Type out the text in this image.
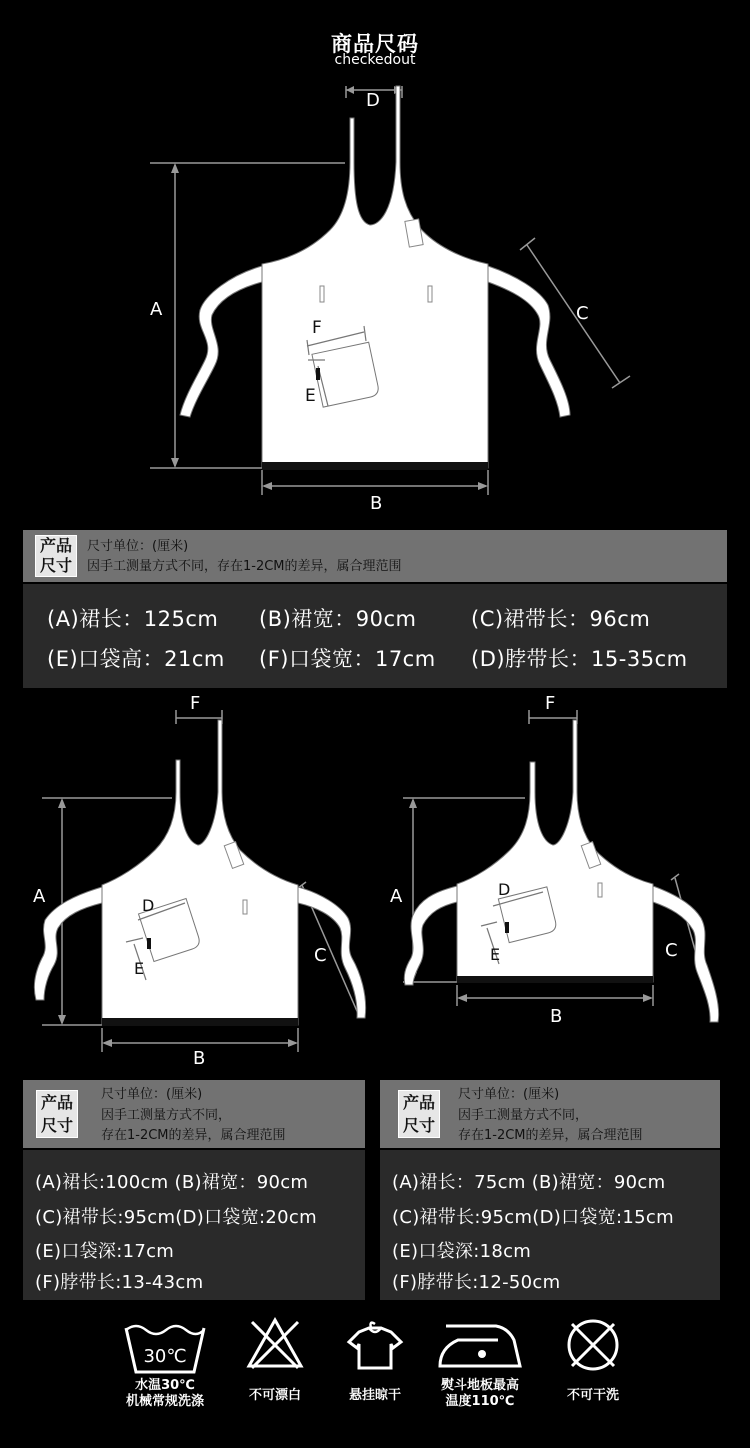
商品尺码
checkedout
D
A
B
C
F
E
产品
尺寸
尺寸单位：(厘米)
因手工测量方式不同，存在1-2CM的差异，属合理范围
(A)裙长：125cm (B)裙宽：90cm	(C)裙带长：96cm
(E)口袋高：21cm (F)口袋宽：17cm (D)脖带长：15-35cm
F
A
B
C
D
E
F
A
B
C
D
E
产品
尺寸
尺寸单位：(厘米)
因手工测量方式不同，
存在1-2CM的差异，属合理范围
(A)裙长:100cm (B)裙宽：90cm
(C)裙带长:95cm(D)口袋宽:20cm
(E)口袋深:17cm
(F)脖带长:13-43cm
产品
尺寸
尺寸单位：(厘米)
因手工测量方式不同，
存在1-2CM的差异，属合理范围
(A)裙长：75cm (B)裙宽：90cm
(C)裙带长:95cm(D)口袋宽:15cm
(E)口袋深:18cm
(F)脖带长:12-50cm
30℃
水温30℃
机械常规洗涤	不可漂白	悬挂晾干
熨斗地板最高
温度110℃	不可干洗
